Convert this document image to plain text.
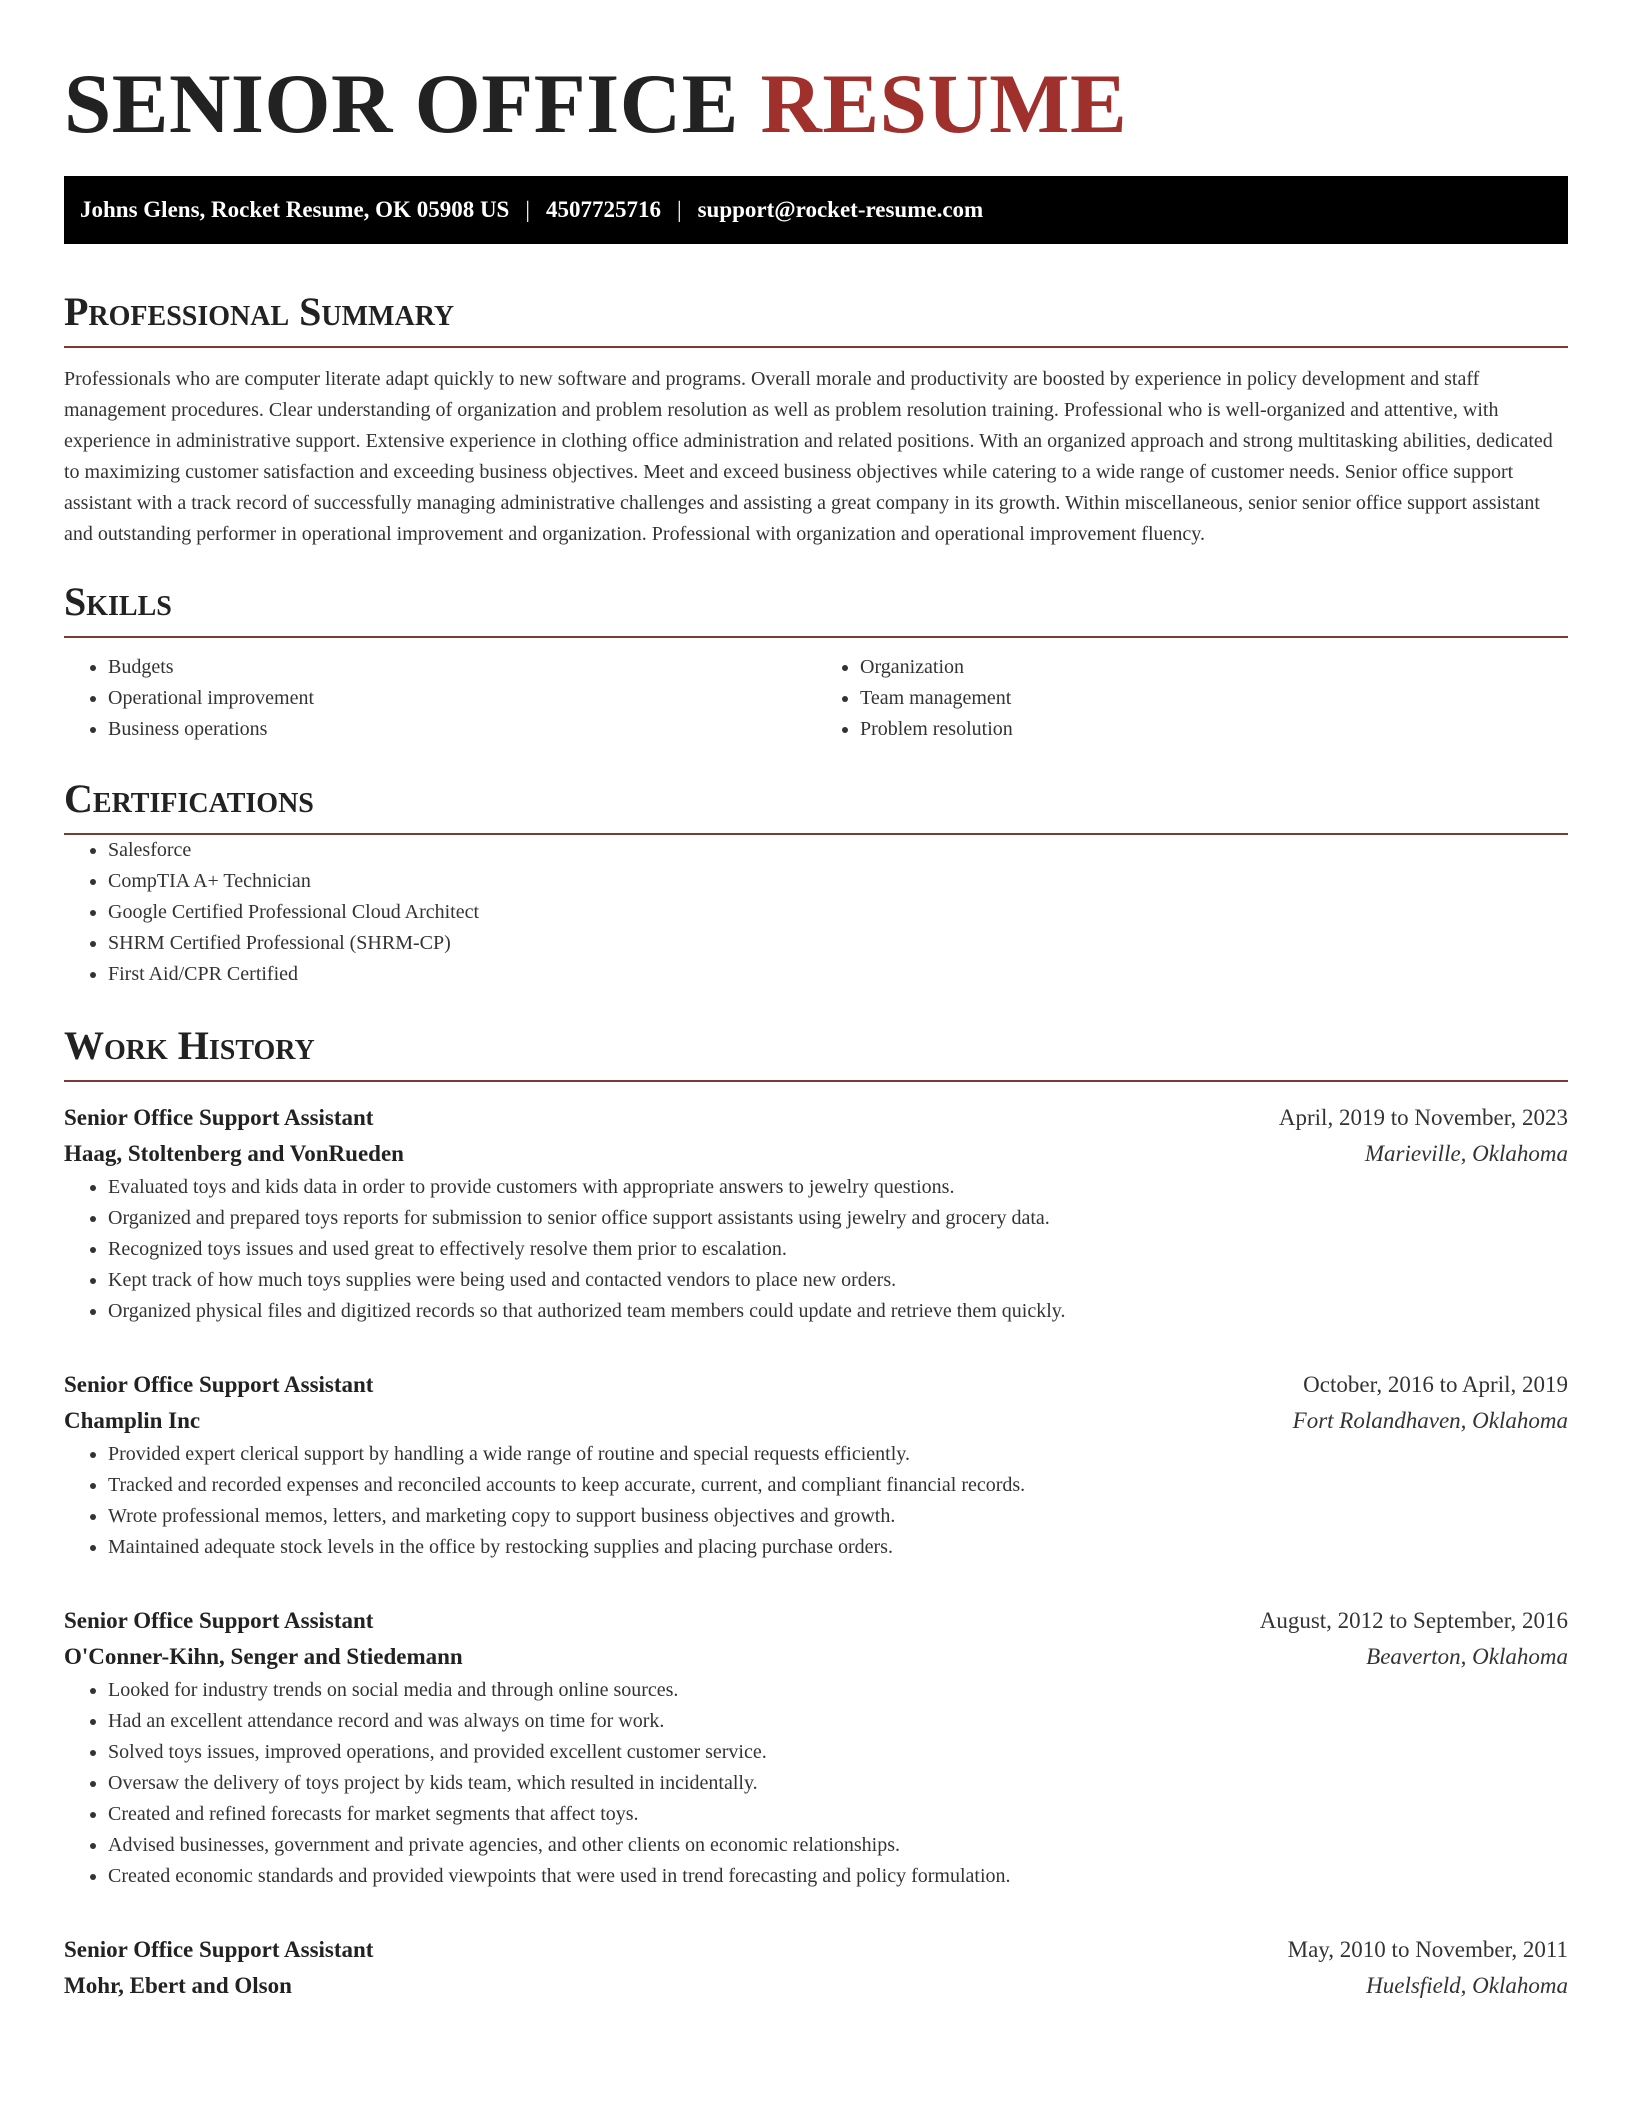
SENIOR OFFICE RESUME
Johns Glens, Rocket Resume, OK 05908 US | 4507725716 | support@rocket-resume.com
Professional Summary

Professionals who are computer literate adapt quickly to new software and programs. Overall morale and productivity are boosted by experience in policy development and staff management procedures. Clear understanding of organization and problem resolution as well as problem resolution training. Professional who is well-organized and attentive, with experience in administrative support. Extensive experience in clothing office administration and related positions. With an organized approach and strong multitasking abilities, dedicated to maximizing customer satisfaction and exceeding business objectives. Meet and exceed business objectives while catering to a wide range of customer needs. Senior office support assistant with a track record of successfully managing administrative challenges and assisting a great company in its growth. Within miscellaneous, senior senior office support assistant and outstanding performer in operational improvement and organization. Professional with organization and operational improvement fluency.

Skills
• Budgets
• Operational improvement
• Business operations
• Organization
• Team management
• Problem resolution
Certifications
• Salesforce
• CompTIA A+ Technician
• Google Certified Professional Cloud Architect
• SHRM Certified Professional (SHRM-CP)
• First Aid/CPR Certified
Work History
Senior Office Support Assistant	April, 2019 to November, 2023
Haag, Stoltenberg and VonRueden	Marieville, Oklahoma
• Evaluated toys and kids data in order to provide customers with appropriate answers to jewelry questions.
• Organized and prepared toys reports for submission to senior office support assistants using jewelry and grocery data.
• Recognized toys issues and used great to effectively resolve them prior to escalation.
• Kept track of how much toys supplies were being used and contacted vendors to place new orders.
• Organized physical files and digitized records so that authorized team members could update and retrieve them quickly.
Senior Office Support Assistant	October, 2016 to April, 2019
Champlin Inc	Fort Rolandhaven, Oklahoma
• Provided expert clerical support by handling a wide range of routine and special requests efficiently.
• Tracked and recorded expenses and reconciled accounts to keep accurate, current, and compliant financial records.
• Wrote professional memos, letters, and marketing copy to support business objectives and growth.
• Maintained adequate stock levels in the office by restocking supplies and placing purchase orders.
Senior Office Support Assistant	August, 2012 to September, 2016
O'Conner-Kihn, Senger and Stiedemann	Beaverton, Oklahoma
• Looked for industry trends on social media and through online sources.
• Had an excellent attendance record and was always on time for work.
• Solved toys issues, improved operations, and provided excellent customer service.
• Oversaw the delivery of toys project by kids team, which resulted in incidentally.
• Created and refined forecasts for market segments that affect toys.
• Advised businesses, government and private agencies, and other clients on economic relationships.
• Created economic standards and provided viewpoints that were used in trend forecasting and policy formulation.
Senior Office Support Assistant	May, 2010 to November, 2011
Mohr, Ebert and Olson	Huelsfield, Oklahoma
